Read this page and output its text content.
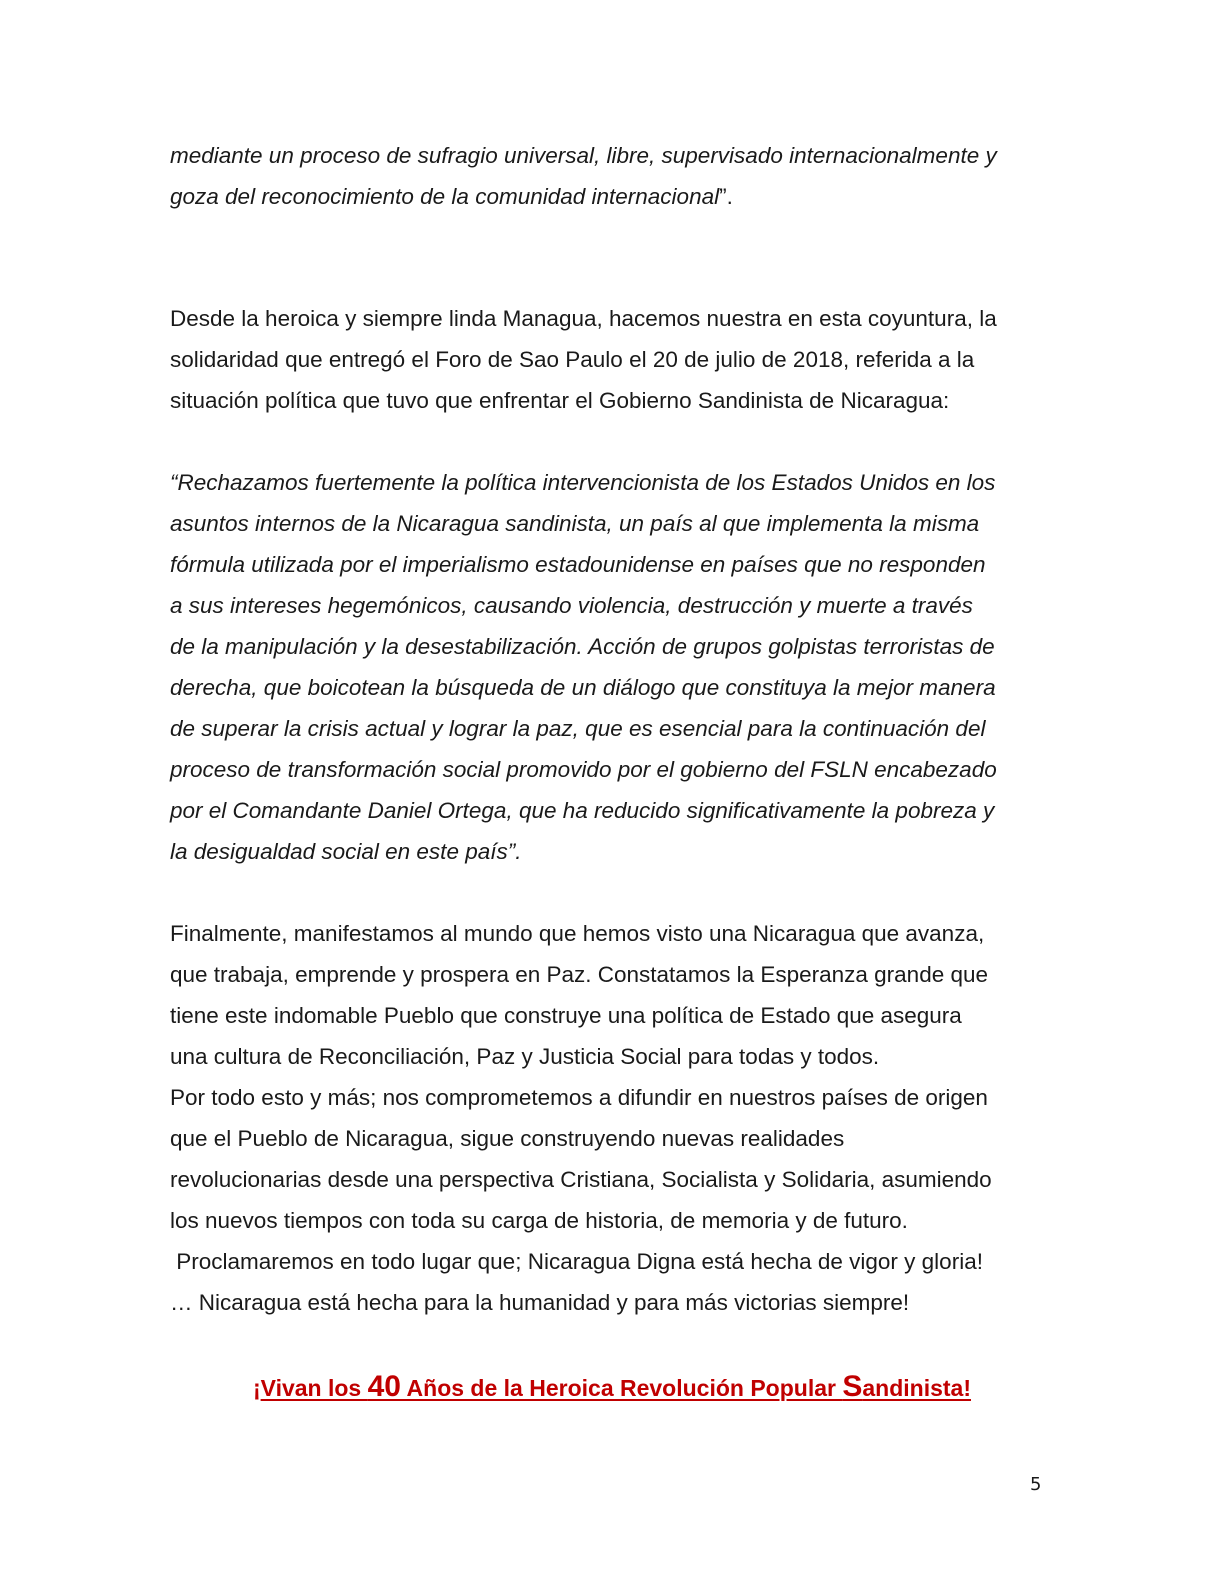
mediante un proceso de sufragio universal, libre, supervisado internacionalmente y
goza del reconocimiento de la comunidad internacional”.

Desde la heroica y siempre linda Managua, hacemos nuestra en esta coyuntura, la
solidaridad que entregó el Foro de Sao Paulo el 20 de julio de 2018, referida a la
situación política que tuvo que enfrentar el Gobierno Sandinista de Nicaragua:

“Rechazamos fuertemente la política intervencionista de los Estados Unidos en los
asuntos internos de la Nicaragua sandinista, un país al que implementa la misma
fórmula utilizada por el imperialismo estadounidense en países que no responden
a sus intereses hegemónicos, causando violencia, destrucción y muerte a través
de la manipulación y la desestabilización. Acción de grupos golpistas terroristas de
derecha, que boicotean la búsqueda de un diálogo que constituya la mejor manera
de superar la crisis actual y lograr la paz, que es esencial para la continuación del
proceso de transformación social promovido por el gobierno del FSLN encabezado
por el Comandante Daniel Ortega, que ha reducido significativamente la pobreza y
la desigualdad social en este país”.

Finalmente, manifestamos al mundo que hemos visto una Nicaragua que avanza,
que trabaja, emprende y prospera en Paz. Constatamos la Esperanza grande que
tiene este indomable Pueblo que construye una política de Estado que asegura
una cultura de Reconciliación, Paz y Justicia Social para todas y todos.
Por todo esto y más; nos comprometemos a difundir en nuestros países de origen
que el Pueblo de Nicaragua, sigue construyendo nuevas realidades
revolucionarias desde una perspectiva Cristiana, Socialista y Solidaria, asumiendo
los nuevos tiempos con toda su carga de historia, de memoria y de futuro.
Proclamaremos en todo lugar que; Nicaragua Digna está hecha de vigor y gloria!
… Nicaragua está hecha para la humanidad y para más victorias siempre!

¡Vivan los 40 Años de la Heroica Revolución Popular Sandinista!
5
